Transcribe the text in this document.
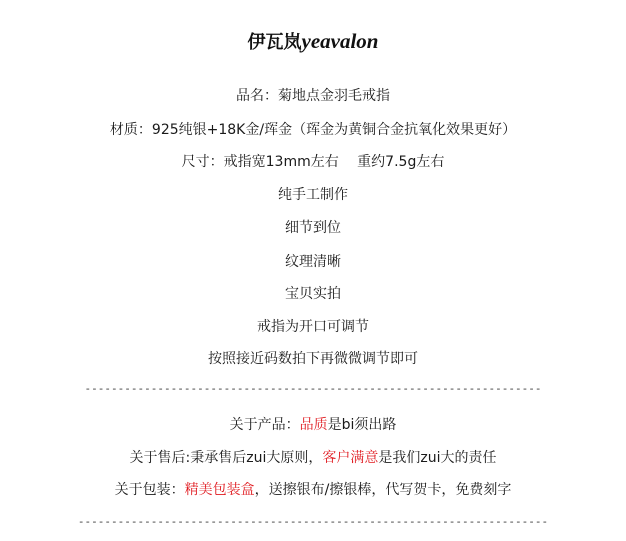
伊瓦岚yeavalon
品名：菊地点金羽毛戒指
材质：925纯银+18K金/珲金（珲金为黄铜合金抗氧化效果更好）
尺寸：戒指宽13mm左右　 重约7.5g左右
纯手工制作
细节到位
纹理清晰
宝贝实拍
戒指为开口可调节
按照接近码数拍下再微微调节即可
---------------------------------------------------------------------
关于产品：品质是bi须出路
关于售后:秉承售后zui大原则，客户满意是我们zui大的责任
关于包装：精美包装盒，送擦银布/擦银棒，代写贺卡，免费刻字
-----------------------------------------------------------------------
